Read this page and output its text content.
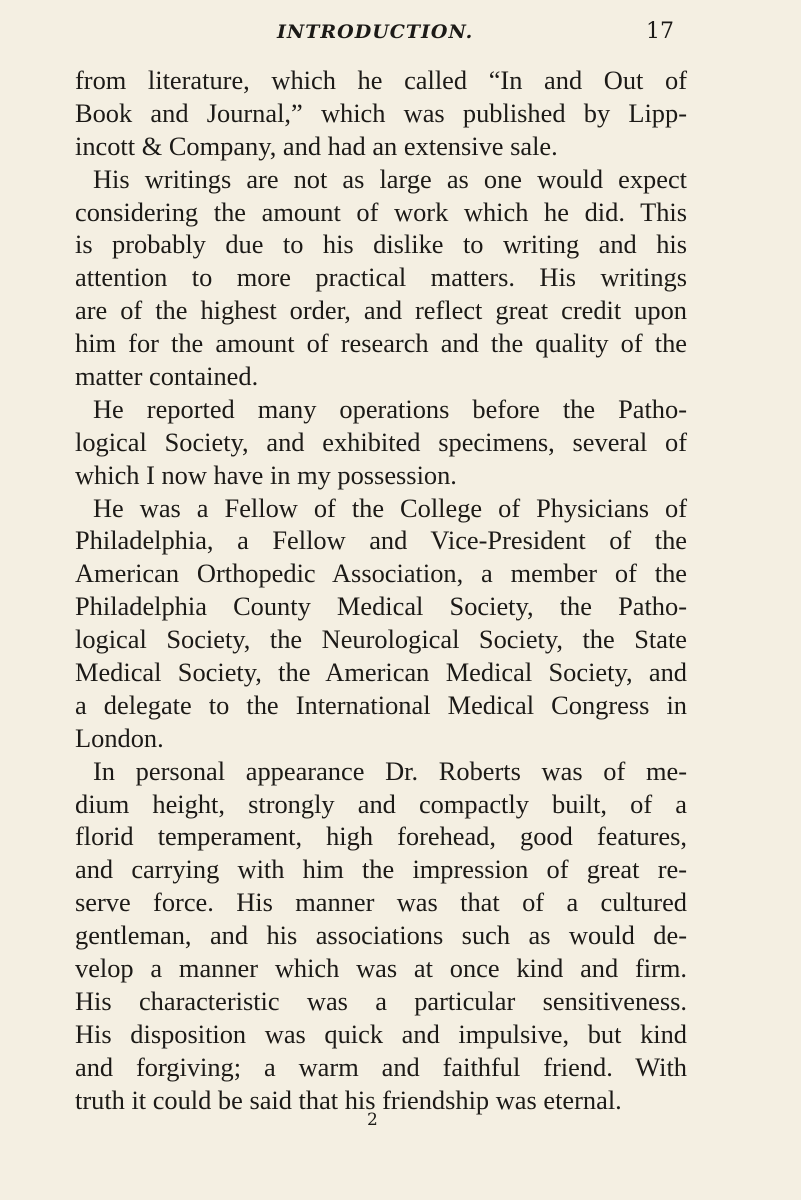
INTRODUCTION.	17
from literature, which he called “In and Out of
Book and Journal,” which was published by Lipp-
incott & Company, and had an extensive sale.
His writings are not as large as one would expect
considering the amount of work which he did. This
is probably due to his dislike to writing and his
attention to more practical matters. His writings
are of the highest order, and reflect great credit upon
him for the amount of research and the quality of the
matter contained.
He reported many operations before the Patho-
logical Society, and exhibited specimens, several of
which I now have in my possession.
He was a Fellow of the College of Physicians of
Philadelphia, a Fellow and Vice-President of the
American Orthopedic Association, a member of the
Philadelphia County Medical Society, the Patho-
logical Society, the Neurological Society, the State
Medical Society, the American Medical Society, and
a delegate to the International Medical Congress in
London.
In personal appearance Dr. Roberts was of me-
dium height, strongly and compactly built, of a
florid temperament, high forehead, good features,
and carrying with him the impression of great re-
serve force. His manner was that of a cultured
gentleman, and his associations such as would de-
velop a manner which was at once kind and firm.
His characteristic was a particular sensitiveness.
His disposition was quick and impulsive, but kind
and forgiving; a warm and faithful friend. With
truth it could be said that his friendship was eternal.
2
